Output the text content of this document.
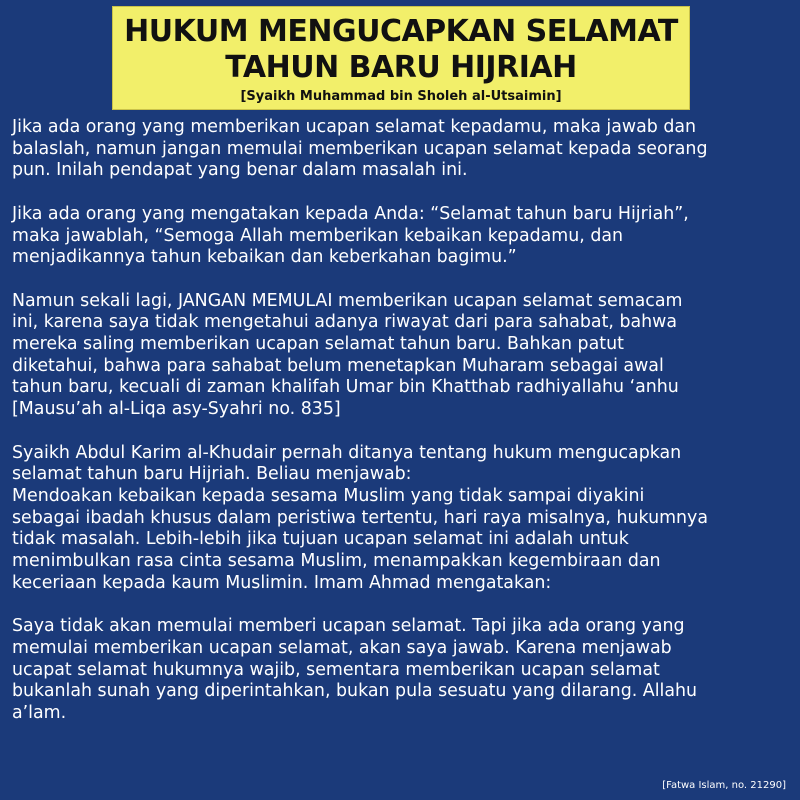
HUKUM MENGUCAPKAN SELAMAT
TAHUN BARU HIJRIAH
[Syaikh Muhammad bin Sholeh al-Utsaimin]

Jika ada orang yang memberikan ucapan selamat kepadamu, maka jawab dan
balaslah, namun jangan memulai memberikan ucapan selamat kepada seorang
pun. Inilah pendapat yang benar dalam masalah ini.

Jika ada orang yang mengatakan kepada Anda: “Selamat tahun baru Hijriah”,
maka jawablah, “Semoga Allah memberikan kebaikan kepadamu, dan
menjadikannya tahun kebaikan dan keberkahan bagimu.”

Namun sekali lagi, JANGAN MEMULAI memberikan ucapan selamat semacam
ini, karena saya tidak mengetahui adanya riwayat dari para sahabat, bahwa
mereka saling memberikan ucapan selamat tahun baru. Bahkan patut
diketahui, bahwa para sahabat belum menetapkan Muharam sebagai awal
tahun baru, kecuali di zaman khalifah Umar bin Khatthab radhiyallahu ‘anhu
[Mausu’ah al-Liqa asy-Syahri no. 835]

Syaikh Abdul Karim al-Khudair pernah ditanya tentang hukum mengucapkan
selamat tahun baru Hijriah. Beliau menjawab:
Mendoakan kebaikan kepada sesama Muslim yang tidak sampai diyakini
sebagai ibadah khusus dalam peristiwa tertentu, hari raya misalnya, hukumnya
tidak masalah. Lebih-lebih jika tujuan ucapan selamat ini adalah untuk
menimbulkan rasa cinta sesama Muslim, menampakkan kegembiraan dan
keceriaan kepada kaum Muslimin. Imam Ahmad mengatakan:

Saya tidak akan memulai memberi ucapan selamat. Tapi jika ada orang yang
memulai memberikan ucapan selamat, akan saya jawab. Karena menjawab
ucapat selamat hukumnya wajib, sementara memberikan ucapan selamat
bukanlah sunah yang diperintahkan, bukan pula sesuatu yang dilarang. Allahu
a’lam.

[Fatwa Islam, no. 21290]
